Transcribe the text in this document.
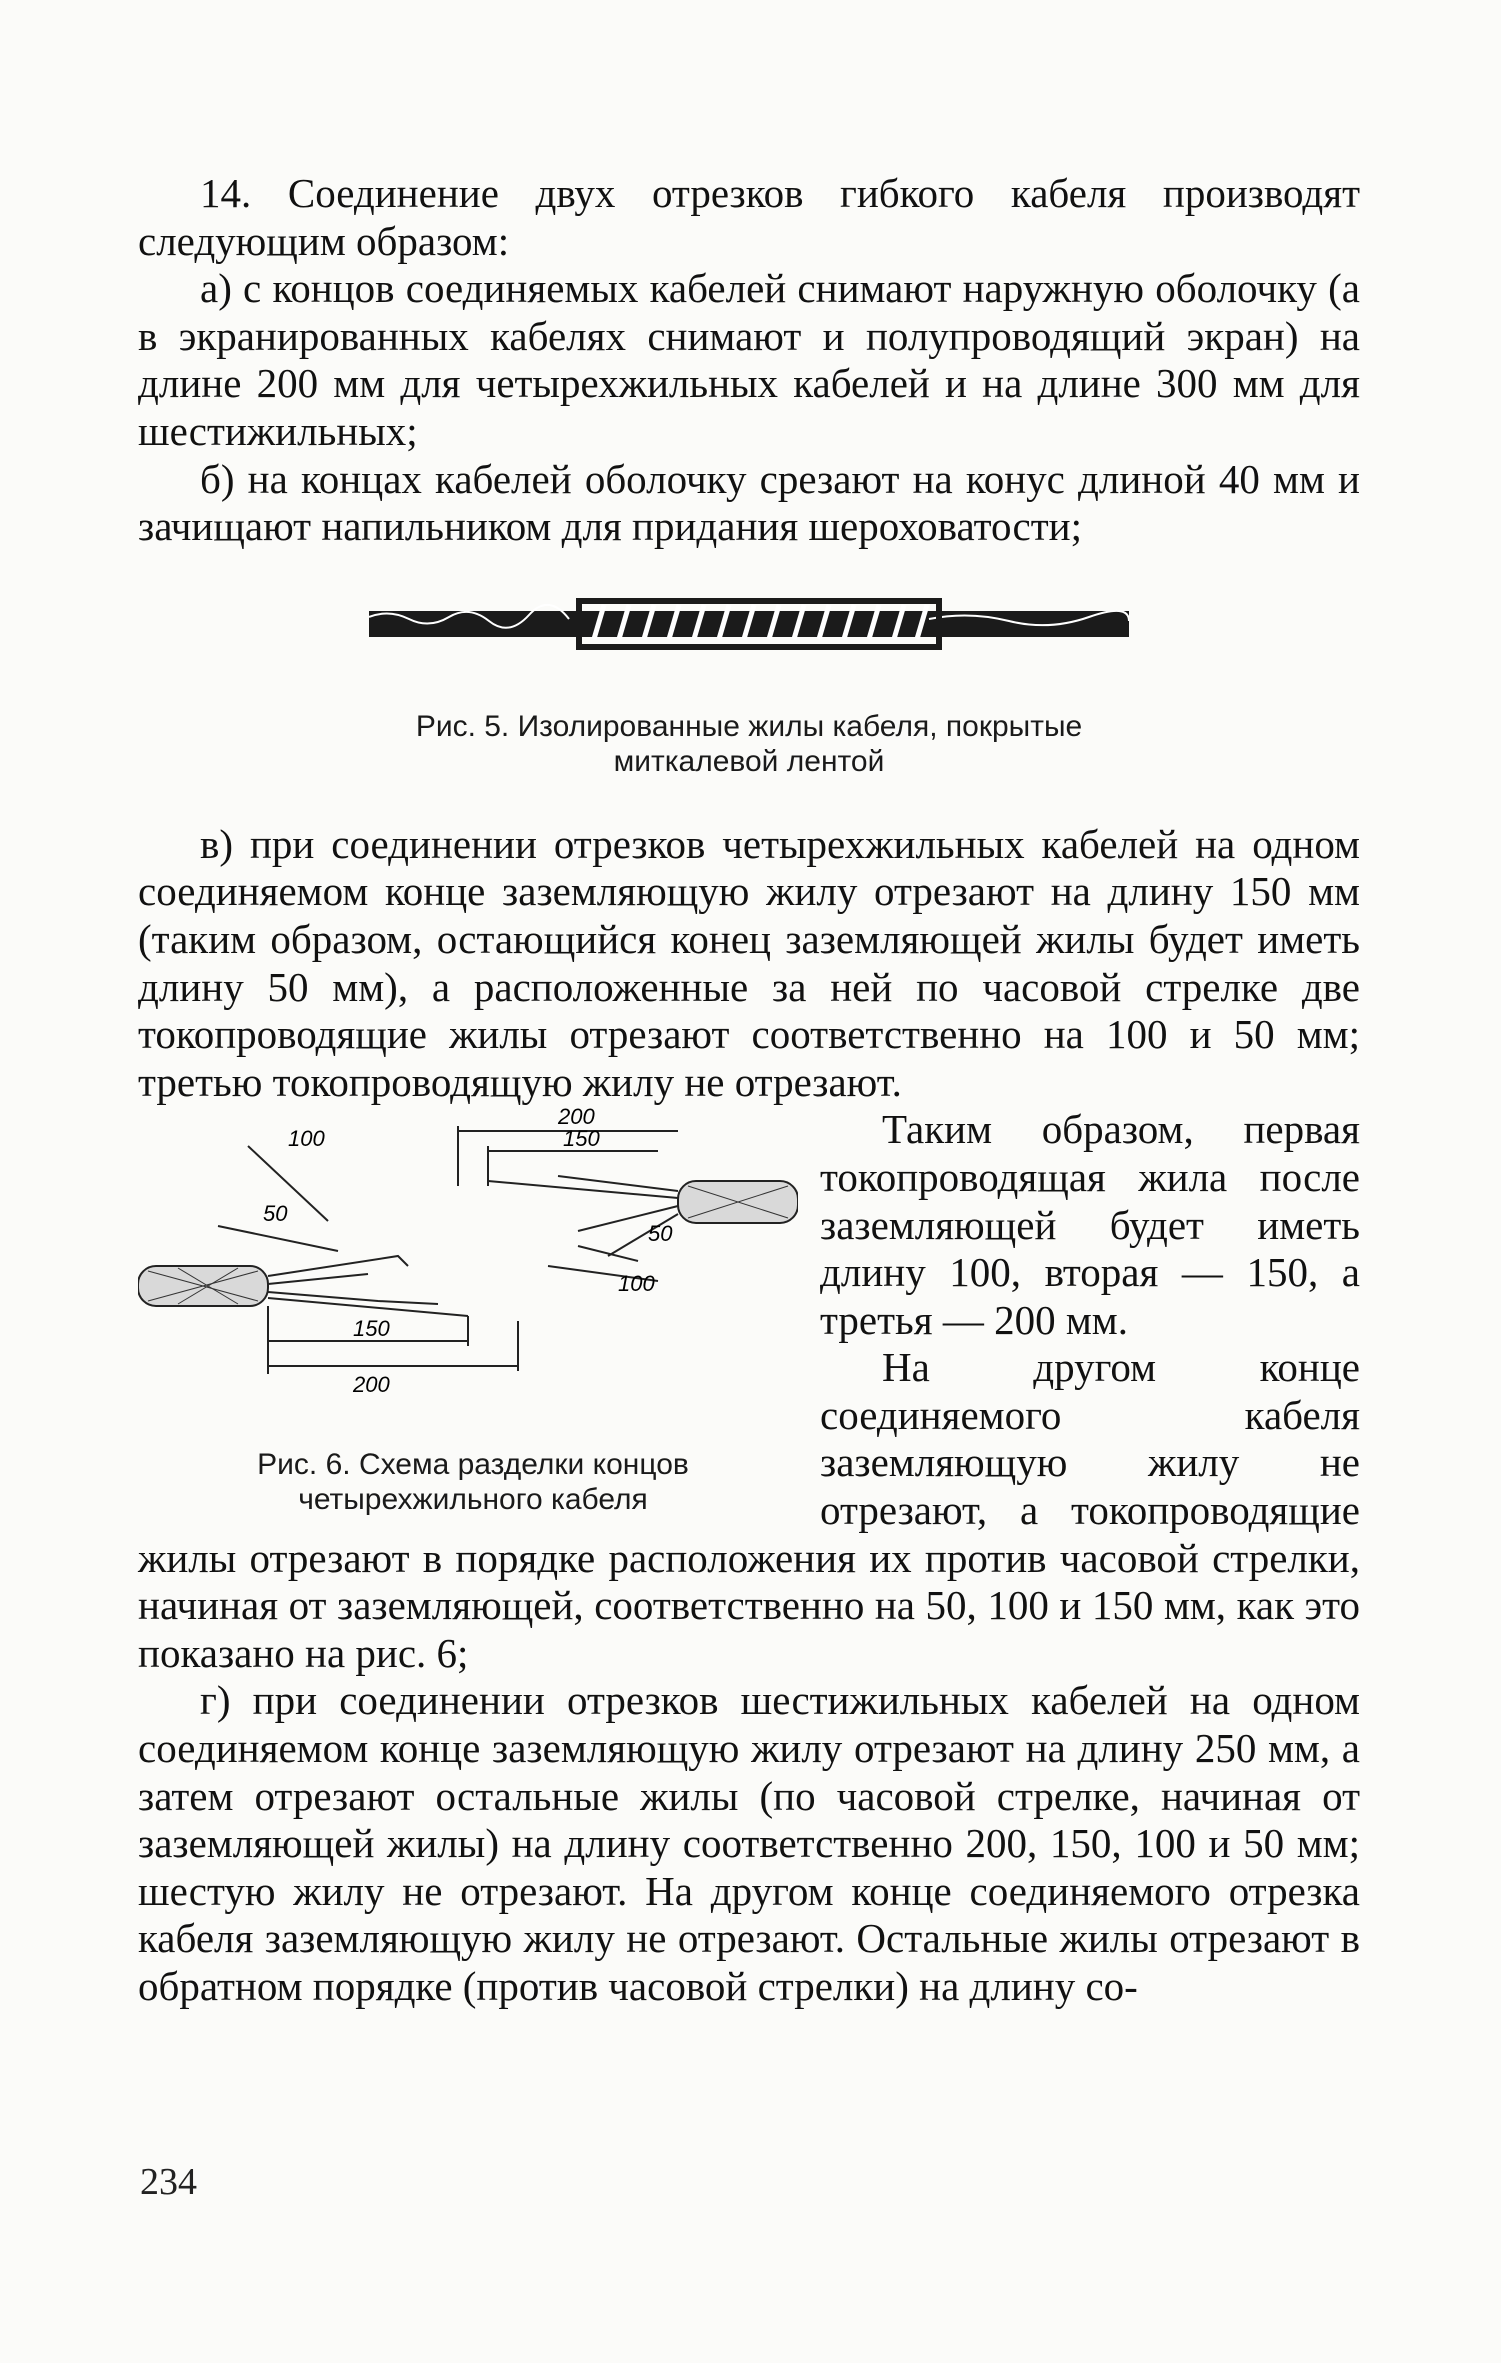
14. Соединение двух отрезков гибкого кабеля производят следующим образом:

а) с концов соединяемых кабелей снимают наружную оболочку (а в экранированных кабелях снимают и полупроводящий экран) на длине 200 мм для четырехжильных кабелей и на длине 300 мм для шестижильных;

б) на концах кабелей оболочку срезают на конус длиной 40 мм и зачищают напильником для придания шероховатости;

Рис. 5. Изолированные жилы кабеля, покрытые миткалевой лентой

в) при соединении отрезков четырехжильных кабелей на одном соединяемом конце заземляющую жилу отрезают на длину 150 мм (таким образом, остающийся конец заземляющей жилы будет иметь длину 50 мм), а расположенные за ней по часовой стрелке две токопроводящие жилы отрезают соответственно на 100 и 50 мм; третью токопроводящую жилу не отрезают.

100
50
150
200
200
150
50
100
Рис. 6. Схема разделки концов четырехжильного кабеля

Таким образом, первая токопроводящая жила после заземляющей будет иметь длину 100, вторая — 150, а третья — 200 мм.

На другом конце соединяемого кабеля заземляющую жилу не отрезают, а токопроводящие жилы отрезают в порядке расположения их против часовой стрелки, начиная от заземляющей, соответственно на 50, 100 и 150 мм, как это показано на рис. 6;

г) при соединении отрезков шестижильных кабелей на одном соединяемом конце заземляющую жилу отрезают на длину 250 мм, а затем отрезают остальные жилы (по часовой стрелке, начиная от заземляющей жилы) на длину соответственно 200, 150, 100 и 50 мм; шестую жилу не отрезают. На другом конце соединяемого отрезка кабеля заземляющую жилу не отрезают. Остальные жилы отрезают в обратном порядке (против часовой стрелки) на длину со-

234
